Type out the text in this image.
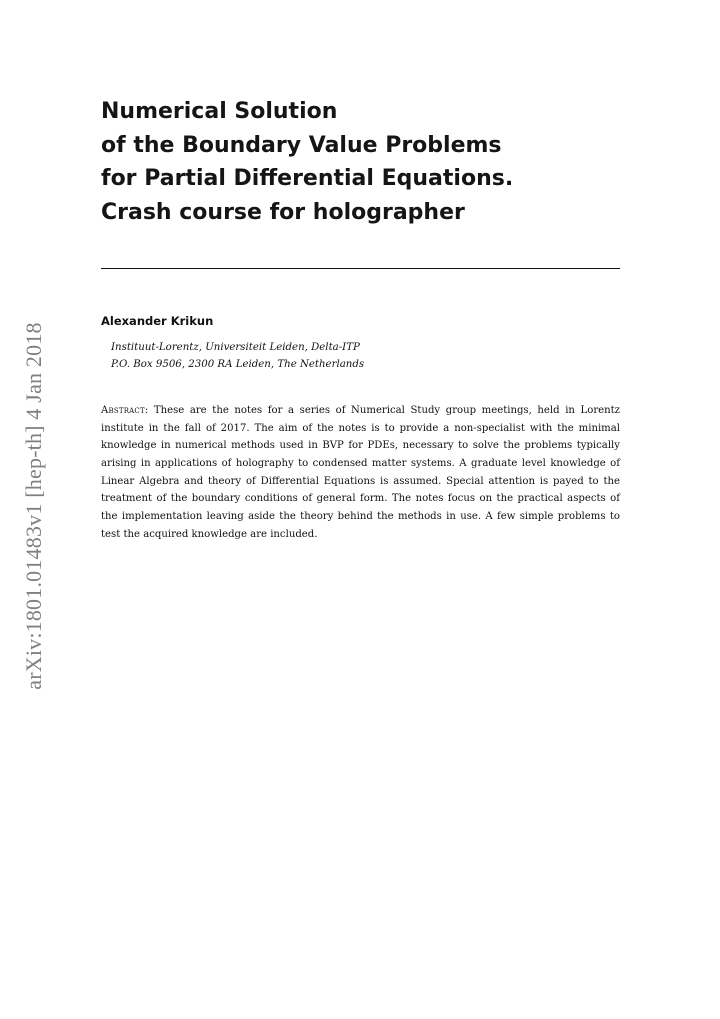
arXiv:1801.01483v1 [hep-th] 4 Jan 2018
Numerical Solution
of the Boundary Value Problems
for Partial Differential Equations.
Crash course for holographer
Alexander Krikun
Instituut-Lorentz, Universiteit Leiden, Delta-ITP
P.O. Box 9506, 2300 RA Leiden, The Netherlands

Abstract: These are the notes for a series of Numerical Study group meetings, held in Lorentz institute in the fall of 2017. The aim of the notes is to provide a non-specialist with the minimal knowledge in numerical methods used in BVP for PDEs, necessary to solve the problems typically arising in applications of holography to condensed matter systems. A graduate level knowledge of Linear Algebra and theory of Differential Equations is assumed. Special attention is payed to the treatment of the boundary conditions of general form. The notes focus on the practical aspects of the implementation leaving aside the theory behind the methods in use. A few simple problems to test the acquired knowledge are included.
